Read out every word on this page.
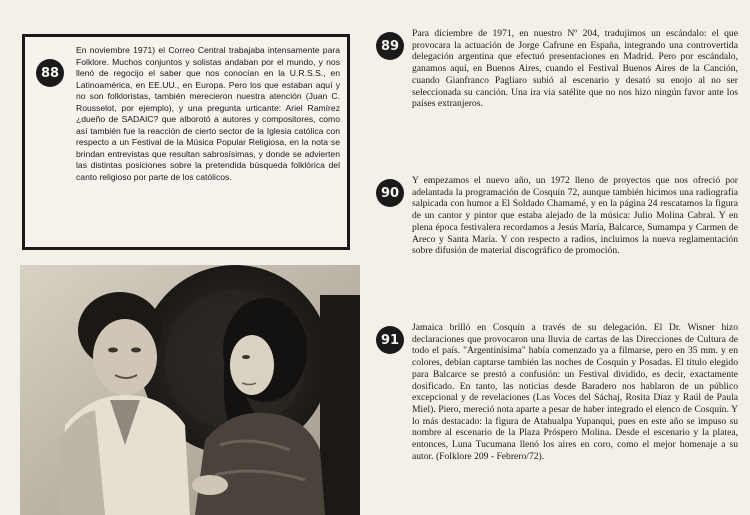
88

En noviembre 1971) el Correo Central trabajaba intensamente para Folklore. Muchos conjuntos y solistas andaban por el mundo, y nos llenó de regocijo el saber que nos conocían en la U.R.S.S., en Latinoamérica, en EE.UU., en Europa. Pero los que estaban aquí y no son folkloristas, también merecieron nuestra atención (Juan C. Rousselot, por ejemplo), y una pregunta urticante: Ariel Ramírez ¿dueño de SADAIC? que alborotó a autores y compositores, como así también fue la reacción de cierto sector de la Iglesia católica con respecto a un Festival de la Música Popular Religiosa, en la nota se brindan entrevistas que resultan sabrosísimas, y donde se advierten las distintas posiciones sobre la pretendida búsqueda folklórica del canto religioso por parte de los católicos.

89

Para diciembre de 1971, en nuestro Nº 204, tradujimos un escándalo: el que provocara la actuación de Jorge Cafrune en España, integrando una controvertida delegación argentina que efectuó presentaciones en Madrid. Pero por escándalo, ganamos aquí, en Buenos Aires, cuando el Festival Buenos Aires de la Canción, cuando Gianfranco Pagliaro subió al escenario y desató su enojo al no ser seleccionada su canción. Una ira via satélite que no nos hizo ningún favor ante los países extranjeros.

90

Y empezamos el nuevo año, un 1972 lleno de proyectos que nos ofreció por adelantada la programación de Cosquín 72, aunque también hicimos una radiografía salpicada con humor a El Soldado Chamamé, y en la página 24 rescatamos la figura de un cantor y pintor que estaba alejado de la música: Julio Molina Cabral. Y en plena época festivalera recordamos a Jesús María, Balcarce, Sumampa y Carmen de Areco y Santa María. Y con respecto a radios, incluimos la nueva reglamentación sobre difusión de material discográfico de promoción.

91

Jamaica brilló en Cosquín a través de su delegación. El Dr. Wisner hizo declaraciones que provocaron una lluvia de cartas de las Direcciones de Cultura de todo el país. "Argentinísima" había comenzado ya a filmarse, pero en 35 mm. y en colores, debían captarse también las noches de Cosquín y Posadas. El título elegido para Balcarce se prestó a confusión: un Festival dividido, es decir, exactamente dosificado. En tanto, las noticias desde Baradero nos hablaron de un público excepcional y de revelaciones (Las Voces del Sáchaj, Rosita Díaz y Raúl de Paula Miel). Piero, mereció nota aparte a pesar de haber integrado el elenco de Cosquín. Y lo más destacado: la figura de Atahualpa Yupanqui, pues en este año se impuso su nombre al escenario de la Plaza Próspero Molina. Desde el escenario y la platea, entonces, Luna Tucumana llenó los aires en coro, como el mejor homenaje a su autor. (Folklore 209 - Febrero/72).
